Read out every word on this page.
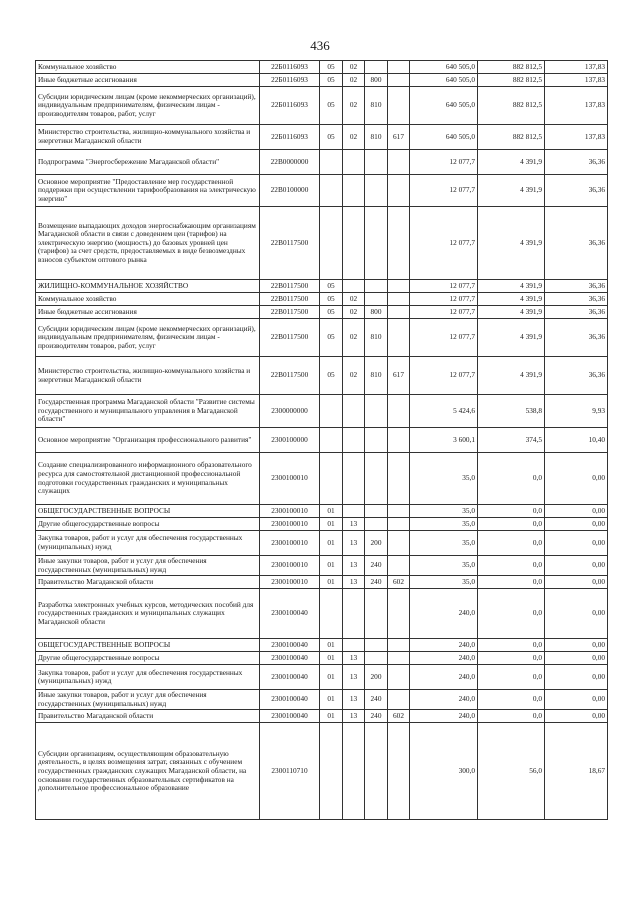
436
Коммунальное хозяйство	22Б0116093	05	02			640 505,0	882 812,5	137,83
Иные бюджетные ассигнования	22Б0116093	05	02	800		640 505,0	882 812,5	137,83
Субсидии юридическим лицам (кроме некоммерческих организаций), индивидуальным предпринимателям, физическим лицам - производителям товаров, работ, услуг	22Б0116093	05	02	810		640 505,0	882 812,5	137,83
Министерство строительства, жилищно-коммунального хозяйства и энергетики Магаданской области	22Б0116093	05	02	810	617	640 505,0	882 812,5	137,83
Подпрограмма "Энергосбережение Магаданской области"	22В0000000					12 077,7	4 391,9	36,36
Основное мероприятие "Предоставление мер государственной поддержки при осуществлении тарифообразования на электрическую энергию"	22В0100000					12 077,7	4 391,9	36,36
Возмещение выпадающих доходов энергоснабжающим организациям Магаданской области в связи с доведением цен (тарифов) на электрическую энергию (мощность) до базовых уровней цен (тарифов) за счет средств, предоставляемых в виде безвозмездных взносов субъектом оптового рынка	22В0117500					12 077,7	4 391,9	36,36
ЖИЛИЩНО-КОММУНАЛЬНОЕ ХОЗЯЙСТВО	22В0117500	05				12 077,7	4 391,9	36,36
Коммунальное хозяйство	22В0117500	05	02			12 077,7	4 391,9	36,36
Иные бюджетные ассигнования	22В0117500	05	02	800		12 077,7	4 391,9	36,36
Субсидии юридическим лицам (кроме некоммерческих организаций), индивидуальным предпринимателям, физическим лицам - производителям товаров, работ, услуг	22В0117500	05	02	810		12 077,7	4 391,9	36,36
Министерство строительства, жилищно-коммунального хозяйства и энергетики Магаданской области	22В0117500	05	02	810	617	12 077,7	4 391,9	36,36
Государственная программа Магаданской области "Развитие системы государственного и муниципального управления в Магаданской области"	2300000000					5 424,6	538,8	9,93
Основное мероприятие "Организация профессионального развития"	2300100000					3 600,1	374,5	10,40
Создание специализированного информационного образовательного ресурса для самостоятельной дистанционной профессиональной подготовки государственных гражданских и муниципальных служащих	2300100010					35,0	0,0	0,00
ОБЩЕГОСУДАРСТВЕННЫЕ ВОПРОСЫ	2300100010	01				35,0	0,0	0,00
Другие общегосударственные вопросы	2300100010	01	13			35,0	0,0	0,00
Закупка товаров, работ и услуг для обеспечения государственных (муниципальных) нужд	2300100010	01	13	200		35,0	0,0	0,00
Иные закупки товаров, работ и услуг для обеспечения государственных (муниципальных) нужд	2300100010	01	13	240		35,0	0,0	0,00
Правительство Магаданской области	2300100010	01	13	240	602	35,0	0,0	0,00
Разработка электронных учебных курсов, методических пособий для государственных гражданских и муниципальных служащих Магаданской области	2300100040					240,0	0,0	0,00
ОБЩЕГОСУДАРСТВЕННЫЕ ВОПРОСЫ	2300100040	01				240,0	0,0	0,00
Другие общегосударственные вопросы	2300100040	01	13			240,0	0,0	0,00
Закупка товаров, работ и услуг для обеспечения государственных (муниципальных) нужд	2300100040	01	13	200		240,0	0,0	0,00
Иные закупки товаров, работ и услуг для обеспечения государственных (муниципальных) нужд	2300100040	01	13	240		240,0	0,0	0,00
Правительство Магаданской области	2300100040	01	13	240	602	240,0	0,0	0,00
Субсидии организациям, осуществляющим образовательную деятельность, в целях возмещения затрат, связанных с обучением государственных гражданских служащих Магаданской области, на основании государственных образовательных сертификатов на дополнительное профессиональное образование	2300110710					300,0	56,0	18,67
